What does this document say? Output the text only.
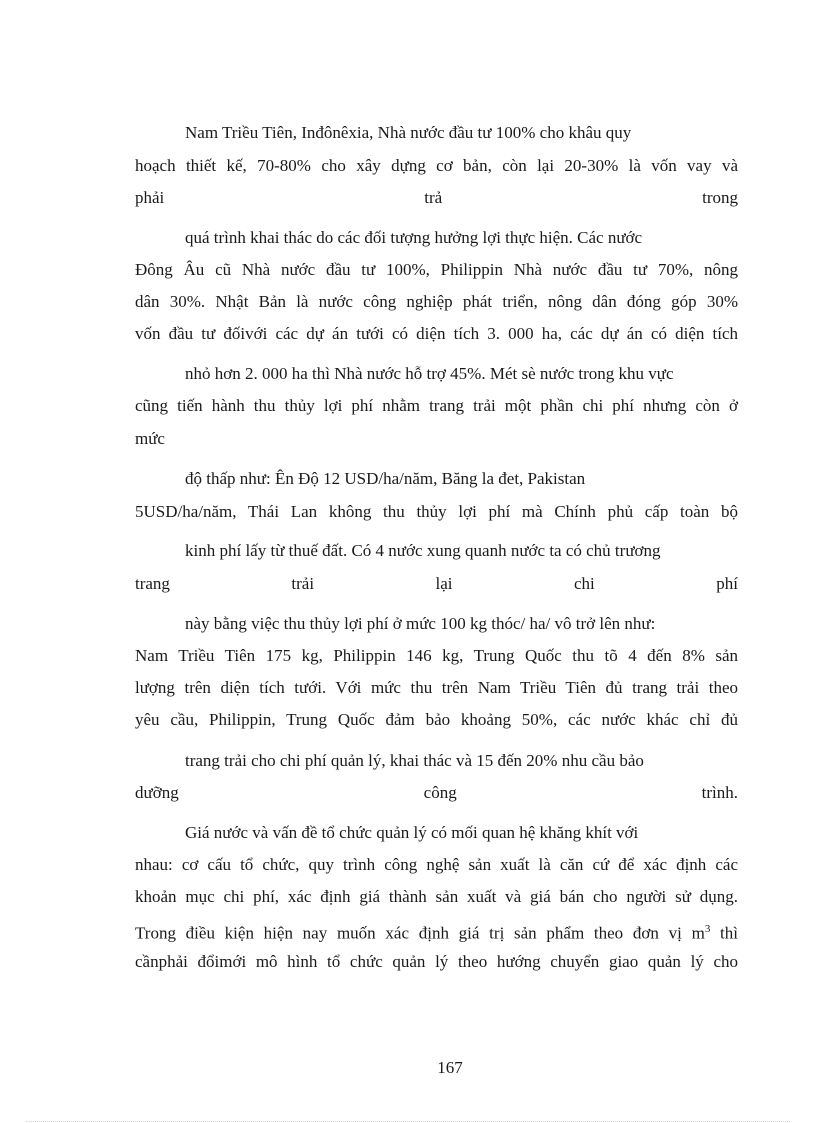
Nam Triều Tiên, Inđônêxia, Nhà nước đầu tư 100% cho khâu quy
hoạch thiết kế, 70-80% cho xây dựng cơ bản, còn lại 20-30% là vốn vay và
phải trả trong
quá trình khai thác do các đối tượng hưởng lợi thực hiện. Các nước
Đông Âu cũ Nhà nước đầu tư 100%, Philippin Nhà nước đầu tư 70%, nông
dân 30%. Nhật Bản là nước công nghiệp phát triển, nông dân đóng góp 30%
vốn đầu tư đốivới các dự án tưới có diện tích 3. 000 ha, các dự án có diện tích
nhỏ hơn 2. 000 ha thì Nhà nước hỗ trợ 45%. Mét sè nước trong khu vực
cũng tiến hành thu thủy lợi phí nhằm trang trải một phần chi phí nhưng còn ở
mức
độ thấp như: Ên Độ 12 USD/ha/năm, Băng la đet, Pakistan
5USD/ha/năm, Thái Lan không thu thủy lợi phí mà Chính phủ cấp toàn bộ
kinh phí lấy từ thuế đất. Có 4 nước xung quanh nước ta có chủ trương
trang trải lại chi phí
này bằng việc thu thủy lợi phí ở mức 100 kg thóc/ ha/ vô trở lên như:
Nam Triều Tiên 175 kg, Philippin 146 kg, Trung Quốc thu tõ 4 đến 8% sản
lượng trên diện tích tưới. Với mức thu trên Nam Triều Tiên đủ trang trải theo
yêu cầu, Philippin, Trung Quốc đảm bảo khoảng 50%, các nước khác chỉ đủ
trang trải cho chi phí quản lý, khai thác và 15 đến 20% nhu cầu bảo
dưỡng công trình.
Giá nước và vấn đề tổ chức quản lý có mối quan hệ khăng khít với
nhau: cơ cấu tổ chức, quy trình công nghệ sản xuất là căn cứ để xác định các
khoản mục chi phí, xác định giá thành sản xuất và giá bán cho người sử dụng.
Trong điều kiện hiện nay muốn xác định giá trị sản phẩm theo đơn vị $m^3$ thì
cầnphải đổimới mô hình tổ chức quản lý theo hướng chuyển giao quản lý cho
167
